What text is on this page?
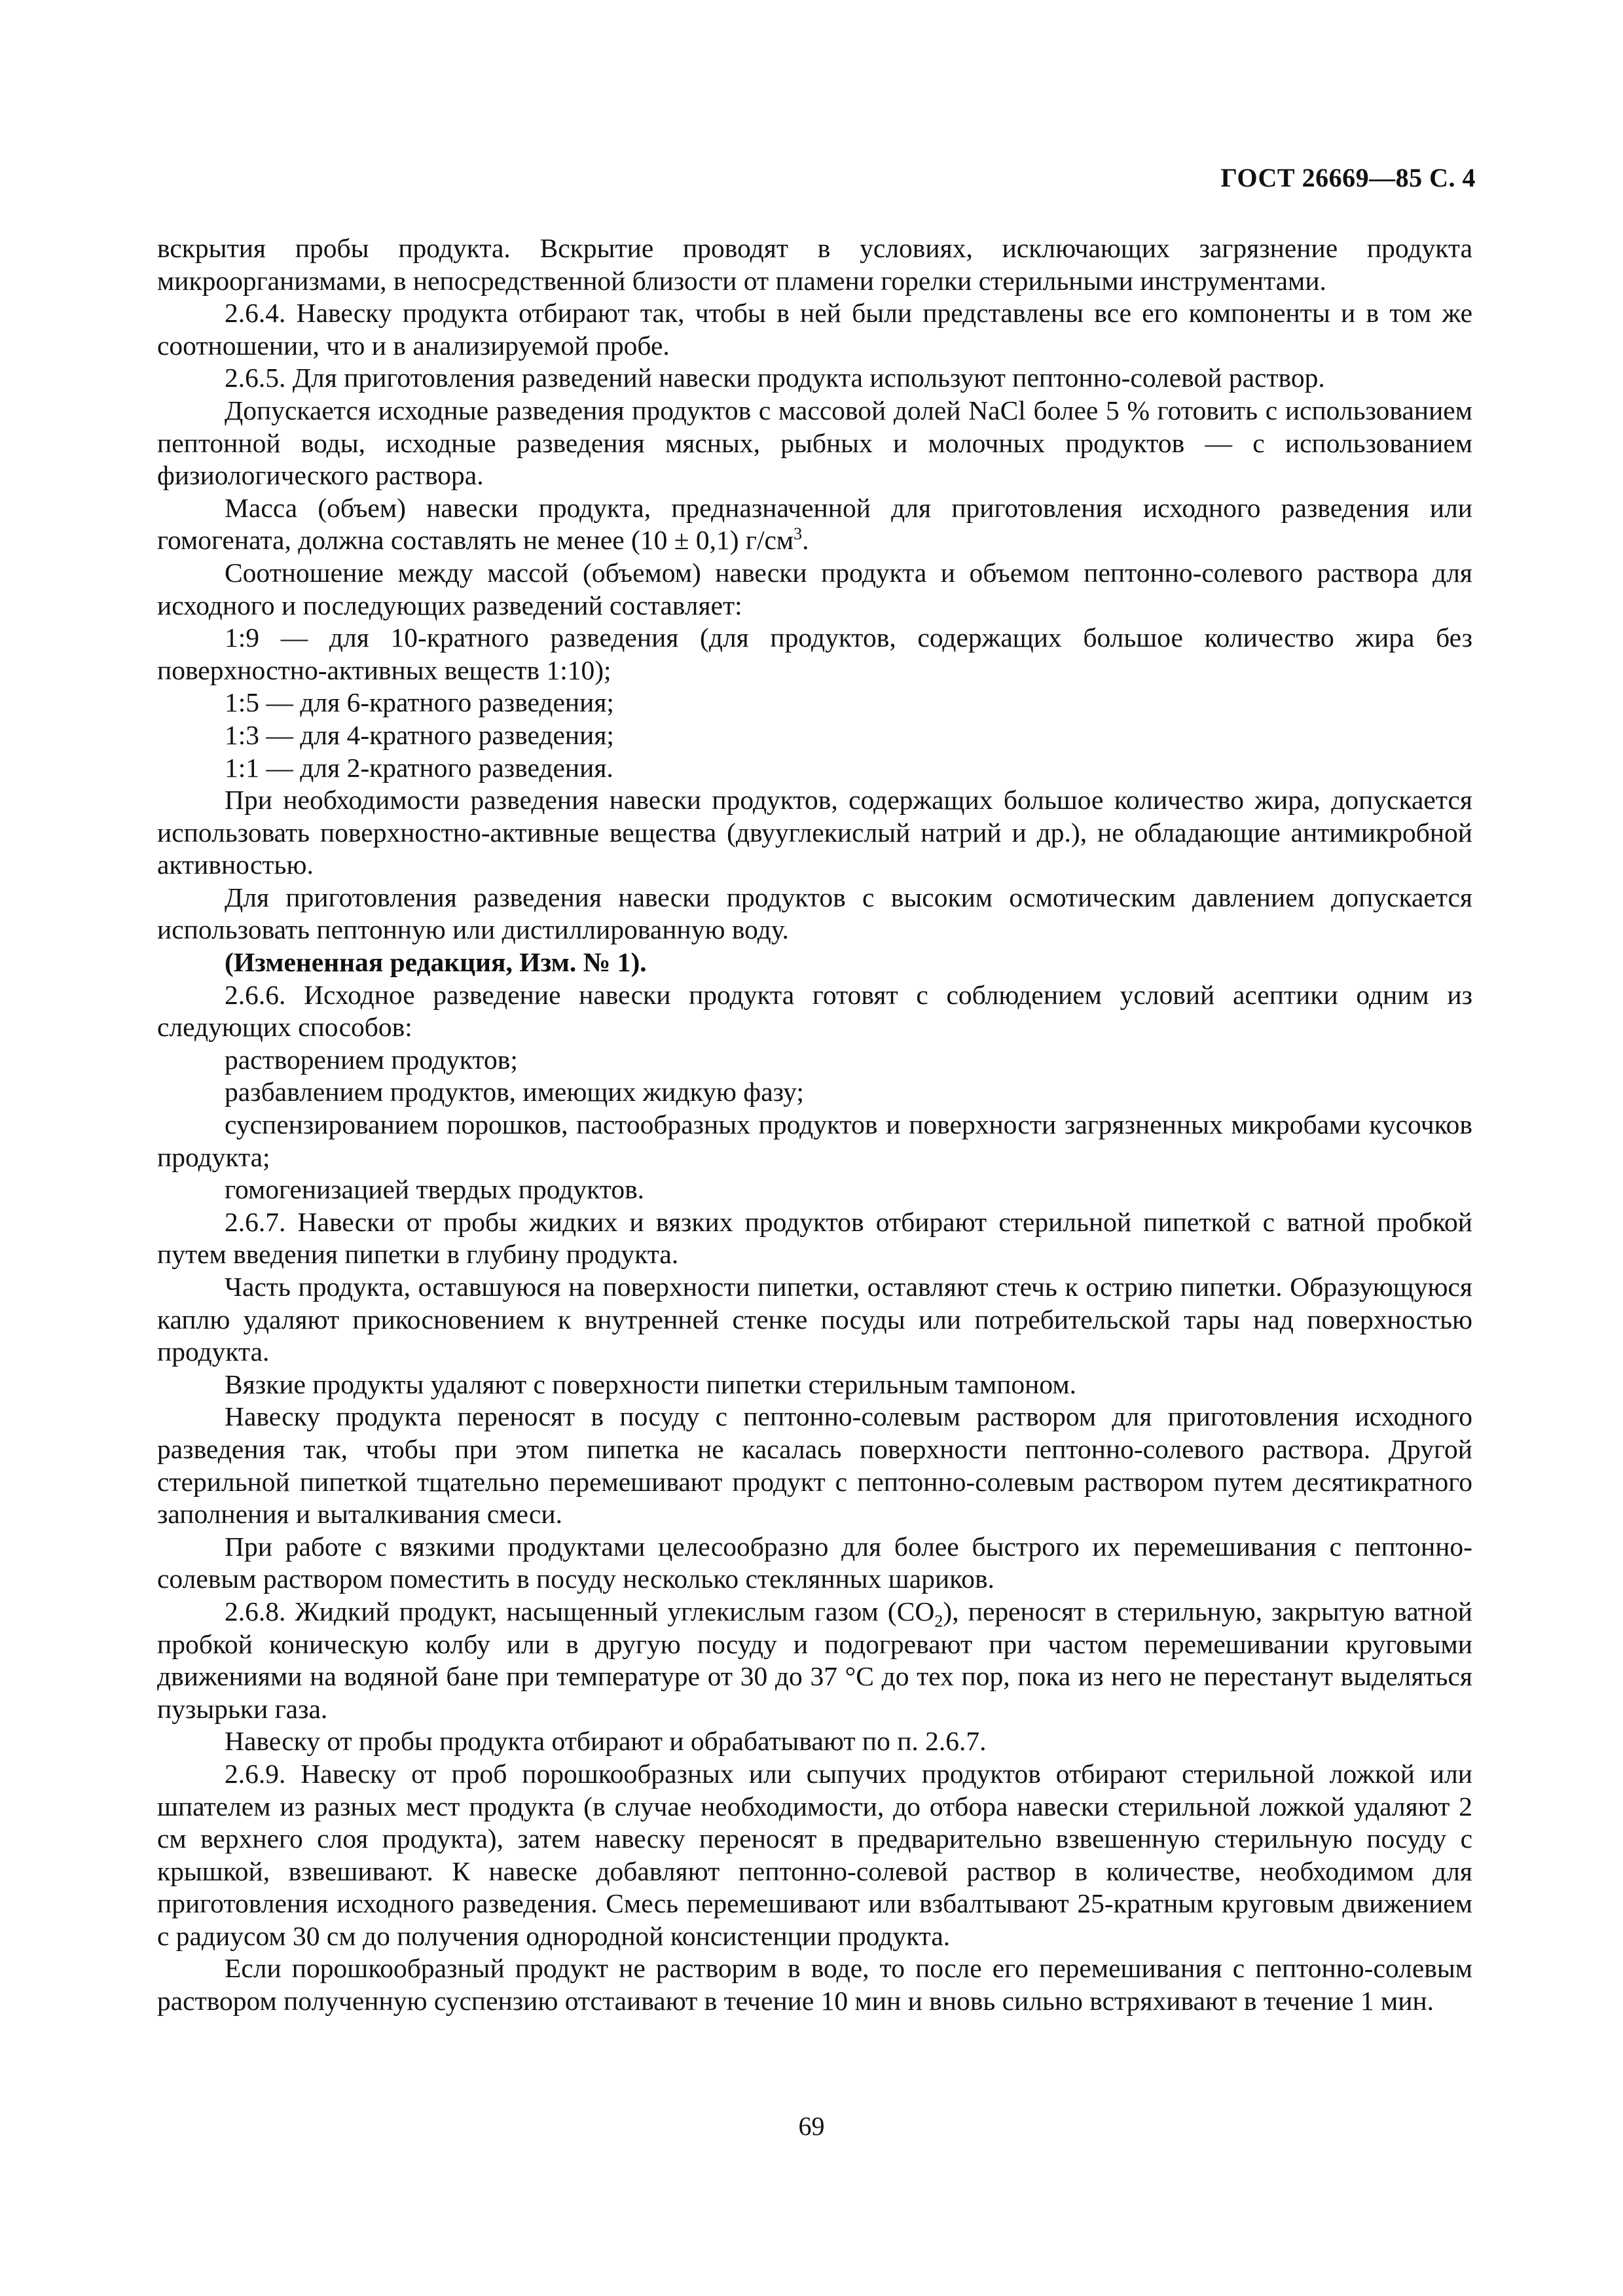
ГОСТ 26669—85 С. 4

вскрытия пробы продукта. Вскрытие проводят в условиях, исключающих загрязнение продукта микроорганизмами, в непосредственной близости от пламени горелки стерильными инструментами.

2.6.4. Навеску продукта отбирают так, чтобы в ней были представлены все его компоненты и в том же соотношении, что и в анализируемой пробе.

2.6.5. Для приготовления разведений навески продукта используют пептонно-солевой раствор.

Допускается исходные разведения продуктов с массовой долей NaCl более 5 % готовить с использованием пептонной воды, исходные разведения мясных, рыбных и молочных продуктов — с использованием физиологического раствора.

Масса (объем) навески продукта, предназначенной для приготовления исходного разведения или гомогената, должна составлять не менее (10 ± 0,1) $г/см^3$.

Соотношение между массой (объемом) навески продукта и объемом пептонно-солевого раствора для исходного и последующих разведений составляет:

1:9 — для 10-кратного разведения (для продуктов, содержащих большое количество жира без поверхностно-активных веществ 1:10);

1:5 — для 6-кратного разведения;

1:3 — для 4-кратного разведения;

1:1 — для 2-кратного разведения.

При необходимости разведения навески продуктов, содержащих большое количество жира, допускается использовать поверхностно-активные вещества (двууглекислый натрий и др.), не обладающие антимикробной активностью.

Для приготовления разведения навески продуктов с высоким осмотическим давлением допускается использовать пептонную или дистиллированную воду.

(Измененная редакция, Изм. № 1).

2.6.6. Исходное разведение навески продукта готовят с соблюдением условий асептики одним из следующих способов:

растворением продуктов;

разбавлением продуктов, имеющих жидкую фазу;

суспензированием порошков, пастообразных продуктов и поверхности загрязненных микробами кусочков продукта;

гомогенизацией твердых продуктов.

2.6.7. Навески от пробы жидких и вязких продуктов отбирают стерильной пипеткой с ватной пробкой путем введения пипетки в глубину продукта.

Часть продукта, оставшуюся на поверхности пипетки, оставляют стечь к острию пипетки. Образующуюся каплю удаляют прикосновением к внутренней стенке посуды или потребительской тары над поверхностью продукта.

Вязкие продукты удаляют с поверхности пипетки стерильным тампоном.

Навеску продукта переносят в посуду с пептонно-солевым раствором для приготовления исходного разведения так, чтобы при этом пипетка не касалась поверхности пептонно-солевого раствора. Другой стерильной пипеткой тщательно перемешивают продукт с пептонно-солевым раствором путем десятикратного заполнения и выталкивания смеси.

При работе с вязкими продуктами целесообразно для более быстрого их перемешивания с пептонно-солевым раствором поместить в посуду несколько стеклянных шариков.

2.6.8. Жидкий продукт, насыщенный углекислым газом $(CO_2)$, переносят в стерильную, закрытую ватной пробкой коническую колбу или в другую посуду и подогревают при частом перемешивании круговыми движениями на водяной бане при температуре от 30 до 37 °С до тех пор, пока из него не перестанут выделяться пузырьки газа.

Навеску от пробы продукта отбирают и обрабатывают по п. 2.6.7.

2.6.9. Навеску от проб порошкообразных или сыпучих продуктов отбирают стерильной ложкой или шпателем из разных мест продукта (в случае необходимости, до отбора навески стерильной ложкой удаляют 2 см верхнего слоя продукта), затем навеску переносят в предварительно взвешенную стерильную посуду с крышкой, взвешивают. К навеске добавляют пептонно-солевой раствор в количестве, необходимом для приготовления исходного разведения. Смесь перемешивают или взбалтывают 25-кратным круговым движением с радиусом 30 см до получения однородной консистенции продукта.

Если порошкообразный продукт не растворим в воде, то после его перемешивания с пептонно-солевым раствором полученную суспензию отстаивают в течение 10 мин и вновь сильно встряхивают в течение 1 мин.

69
